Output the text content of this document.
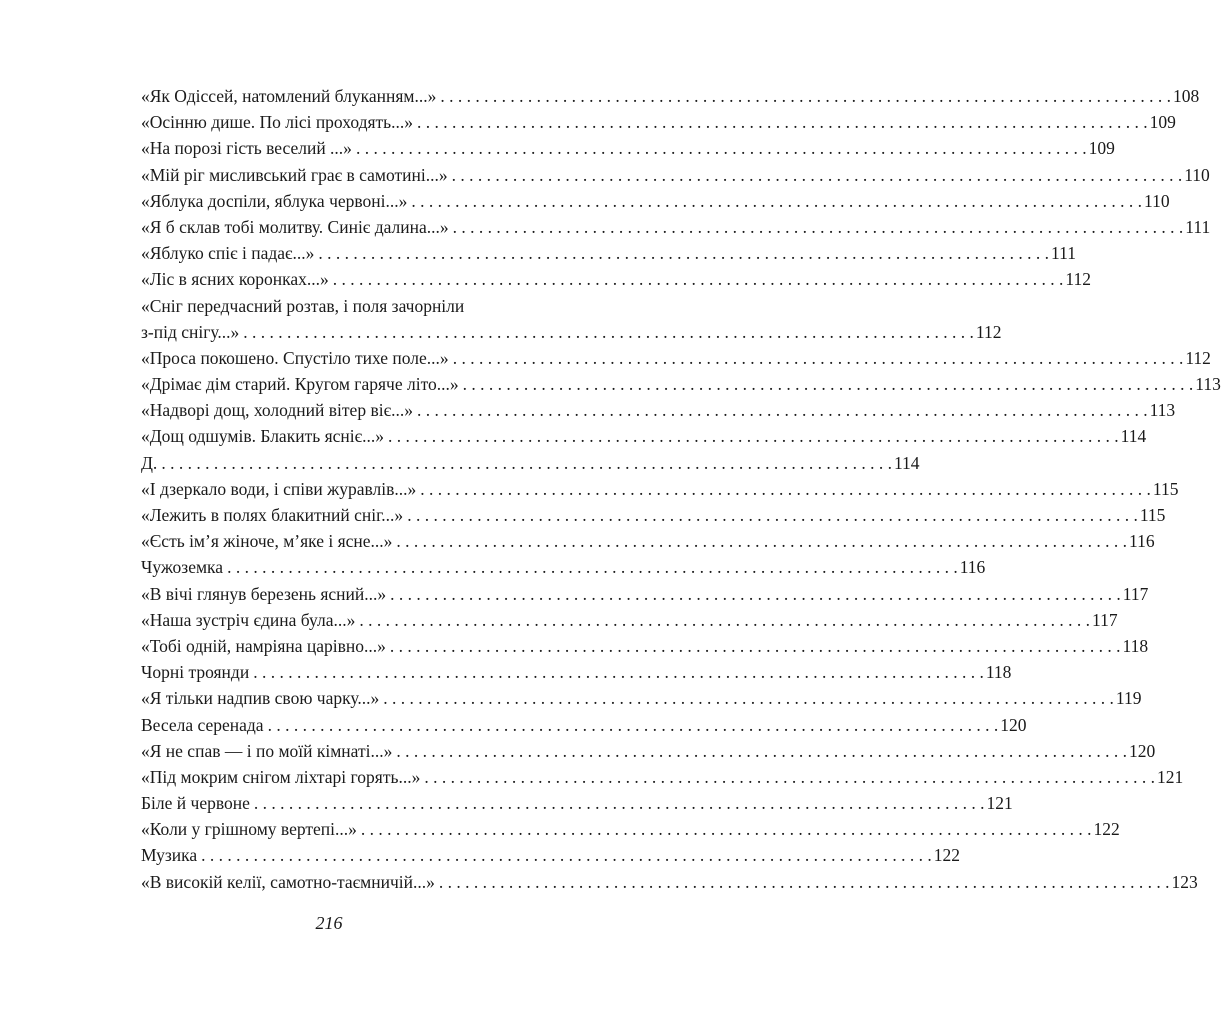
«Як Одіссей, натомлений блуканням...» . . .	108
«Осінню дише. По лісі проходять...» . . .	109
«На порозі гість веселий ...» . . .	109
«Мій ріг мисливський грає в самотині...» . . .	110
«Яблука доспіли, яблука червоні...» . . .	110
«Я б склав тобі молитву. Синіє далина...» . . .	111
«Яблуко спіє і падає...» . . .	111
«Ліс в ясних коронках...» . . .	112
«Сніг передчасний розтав, і поля зачорніли
з-під снігу...» . . .	112
«Проса покошено. Спустіло тихе поле...» . . .	112
«Дрімає дім старий. Кругом гаряче літо...» . . .	113
«Надворі дощ, холодний вітер віє...» . . .	113
«Дощ одшумів. Блакить ясніє...» . . .	114
Д. . . .	114
«І дзеркало води, і співи журавлів...» . . .	115
«Лежить в полях блакитний сніг...» . . .	115
«Єсть ім’я жіноче, м’яке і ясне...» . . .	116
Чужоземка . . .	116
«В вічі глянув березень ясний...» . . .	117
«Наша зустріч єдина була...» . . .	117
«Тобі одній, намріяна царівно...» . . .	118
Чорні троянди . . .	118
«Я тільки надпив свою чарку...» . . .	119
Весела серенада . . .	120
«Я не спав — і по моїй кімнаті...» . . .	120
«Під мокрим снігом ліхтарі горять...» . . .	121
Біле й червоне . . .	121
«Коли у грішному вертепі...» . . .	122
Музика . . .	122
«В високій келії, самотно-таємничій...» . . .	123
216
